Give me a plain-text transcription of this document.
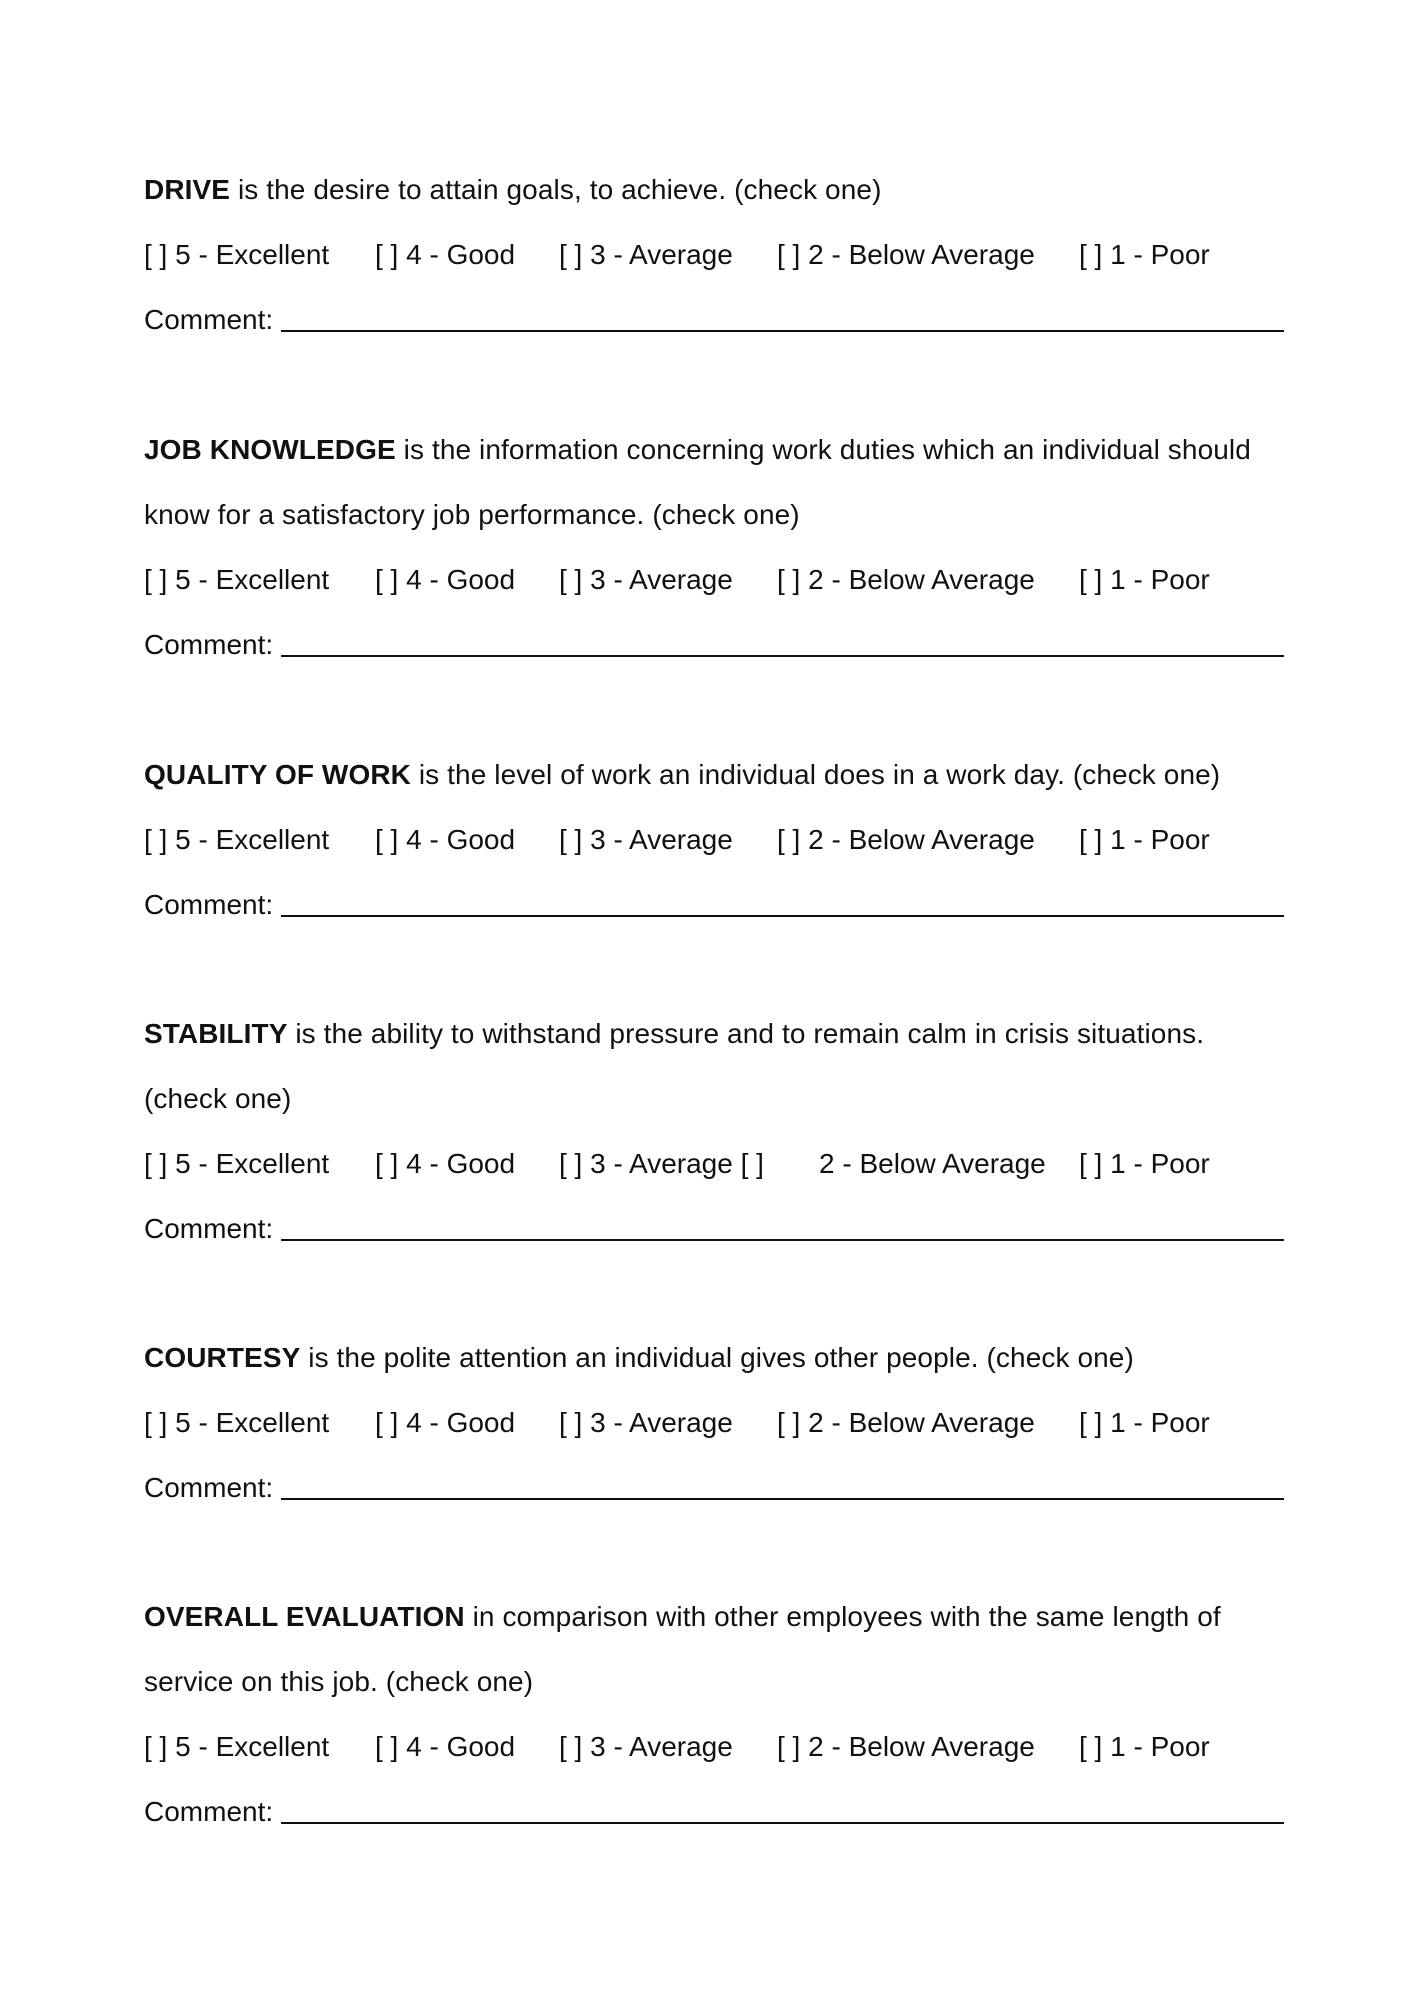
DRIVE is the desire to attain goals, to achieve. (check one)
[ ] 5 - Excellent [ ] 4 - Good [ ] 3 - Average [ ] 2 - Below Average [ ] 1 - Poor
Comment:
JOB KNOWLEDGE is the information concerning work duties which an individual should
know for a satisfactory job performance. (check one)
[ ] 5 - Excellent [ ] 4 - Good [ ] 3 - Average [ ] 2 - Below Average [ ] 1 - Poor
Comment:
QUALITY OF WORK is the level of work an individual does in a work day. (check one)
[ ] 5 - Excellent [ ] 4 - Good [ ] 3 - Average [ ] 2 - Below Average [ ] 1 - Poor
Comment:
STABILITY is the ability to withstand pressure and to remain calm in crisis situations.
(check one)
[ ] 5 - Excellent [ ] 4 - Good [ ] 3 - Average [ ] 2 - Below Average [ ] 1 - Poor
Comment:
COURTESY is the polite attention an individual gives other people. (check one)
[ ] 5 - Excellent [ ] 4 - Good [ ] 3 - Average [ ] 2 - Below Average [ ] 1 - Poor
Comment:
OVERALL EVALUATION in comparison with other employees with the same length of
service on this job. (check one)
[ ] 5 - Excellent [ ] 4 - Good [ ] 3 - Average [ ] 2 - Below Average [ ] 1 - Poor
Comment:
